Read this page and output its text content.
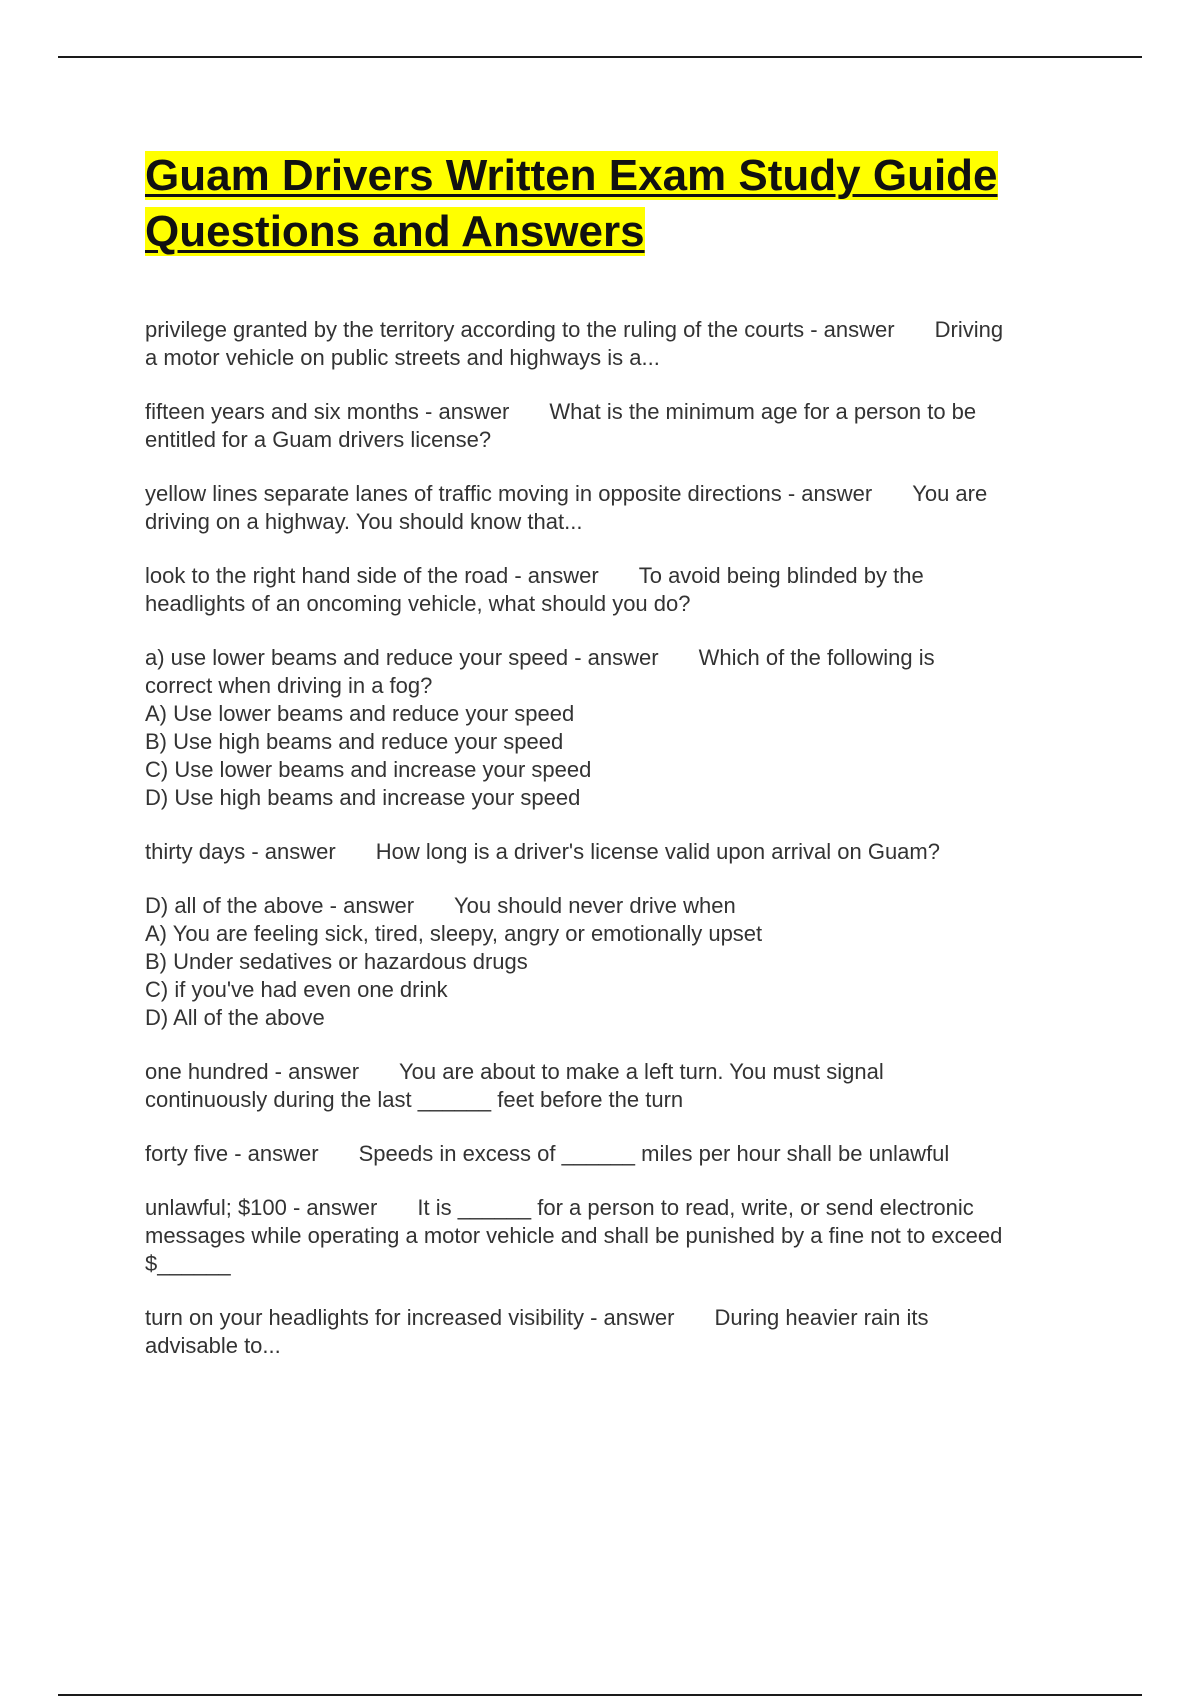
Guam Drivers Written Exam Study Guide
Questions and Answers
privilege granted by the territory according to the ruling of the courts - answer Driving
a motor vehicle on public streets and highways is a...
fifteen years and six months - answer What is the minimum age for a person to be
entitled for a Guam drivers license?
yellow lines separate lanes of traffic moving in opposite directions - answer You are
driving on a highway. You should know that...
look to the right hand side of the road - answer To avoid being blinded by the
headlights of an oncoming vehicle, what should you do?
a) use lower beams and reduce your speed - answer Which of the following is
correct when driving in a fog?
A) Use lower beams and reduce your speed
B) Use high beams and reduce your speed
C) Use lower beams and increase your speed
D) Use high beams and increase your speed
thirty days - answer How long is a driver's license valid upon arrival on Guam?
D) all of the above - answer You should never drive when
A) You are feeling sick, tired, sleepy, angry or emotionally upset
B) Under sedatives or hazardous drugs
C) if you've had even one drink
D) All of the above
one hundred - answer You are about to make a left turn. You must signal
continuously during the last ______ feet before the turn
forty five - answer Speeds in excess of ______ miles per hour shall be unlawful
unlawful; $100 - answer It is ______ for a person to read, write, or send electronic
messages while operating a motor vehicle and shall be punished by a fine not to exceed
$______
turn on your headlights for increased visibility - answer During heavier rain its
advisable to...
